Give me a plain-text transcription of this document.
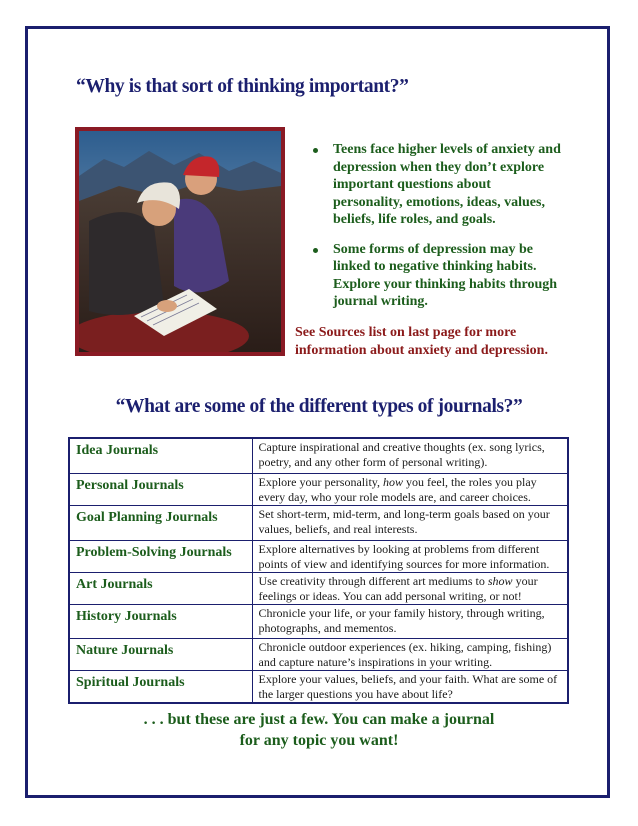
“Why is that sort of thinking important?”
Teens face higher levels of anxiety and depression when they don’t explore important questions about personality, emotions, ideas, values, beliefs, life roles, and goals.
Some forms of depression may be linked to negative thinking habits. Explore your thinking habits through journal writing.
See Sources list on last page for more information about anxiety and depression.
“What are some of the different types of journals?”
Idea Journals	Capture inspirational and creative thoughts (ex. song lyrics, poetry, and any other form of personal writing).
Personal Journals	Explore your personality, how you feel, the roles you play every day, who your role models are, and career choices.
Goal Planning Journals	Set short-term, mid-term, and long-term goals based on your values, beliefs, and real interests.
Problem-Solving Journals	Explore alternatives by looking at problems from different points of view and identifying sources for more information.
Art Journals	Use creativity through different art mediums to show your feelings or ideas. You can add personal writing, or not!
History Journals	Chronicle your life, or your family history, through writing, photographs, and mementos.
Nature Journals	Chronicle outdoor experiences (ex. hiking, camping, fishing) and capture nature’s inspirations in your writing.
Spiritual Journals	Explore your values, beliefs, and your faith. What are some of the larger questions you have about life?
. . . but these are just a few. You can make a journal
for any topic you want!
